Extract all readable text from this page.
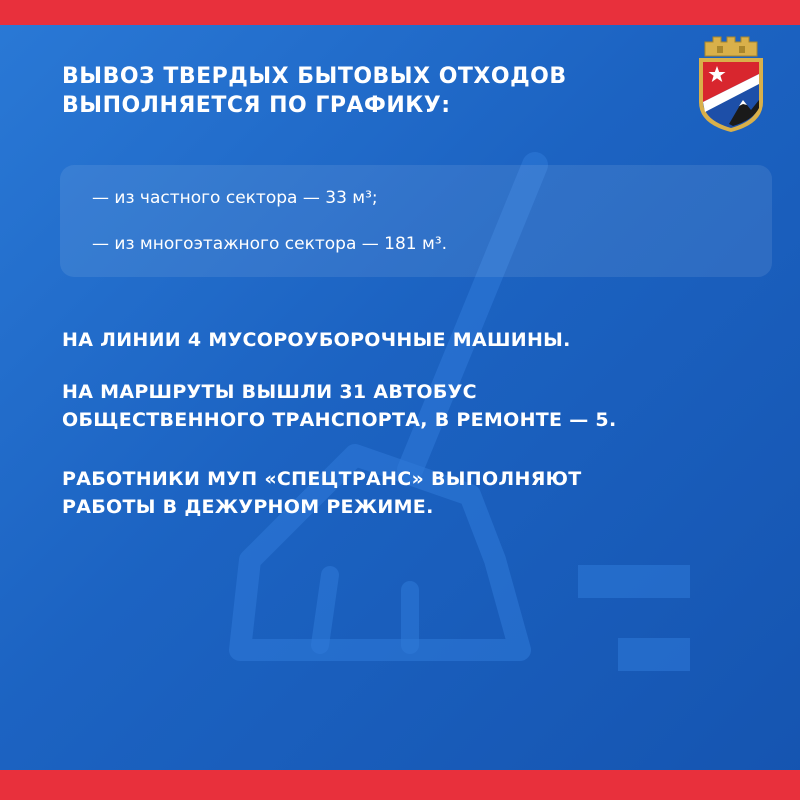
ВЫВОЗ ТВЕРДЫХ БЫТОВЫХ ОТХОДОВ
ВЫПОЛНЯЕТСЯ ПО ГРАФИКУ:
— из частного сектора — 33 м³;
— из многоэтажного сектора — 181 м³.

НА ЛИНИИ 4 МУСОРОУБОРОЧНЫЕ МАШИНЫ.

НА МАРШРУТЫ ВЫШЛИ 31 АВТОБУС
ОБЩЕСТВЕННОГО ТРАНСПОРТА, В РЕМОНТЕ — 5.

РАБОТНИКИ МУП «СПЕЦТРАНС» ВЫПОЛНЯЮТ
РАБОТЫ В ДЕЖУРНОМ РЕЖИМЕ.
